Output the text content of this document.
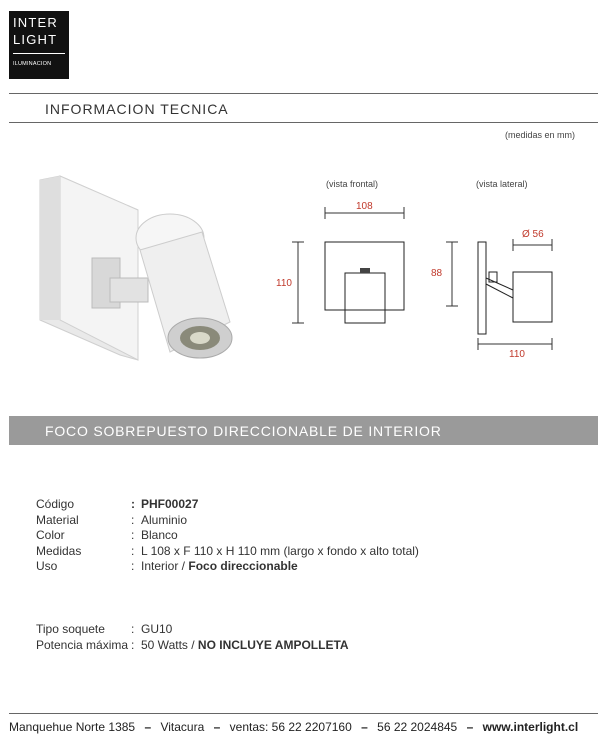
INTER
LIGHT
ILUMINACION
INFORMACION TECNICA
(medidas en mm)
(vista frontal)
108
110
(vista lateral)
Ø 56
88
110
FOCO SOBREPUESTO DIRECCIONABLE DE INTERIOR
Código	: PHF00027
Material	: Aluminio
Color	: Blanco
Medidas	: L 108 x F 110 x H 110 mm (largo x fondo x alto total)
Uso	: Interior / Foco direccionable
Tipo soquete : GU10
Potencia máxima : 50 Watts / NO INCLUYE AMPOLLETA
Manquehue Norte 1385 – Vitacura – ventas: 56 22 2207160 – 56 22 2024845 – www.interlight.cl
